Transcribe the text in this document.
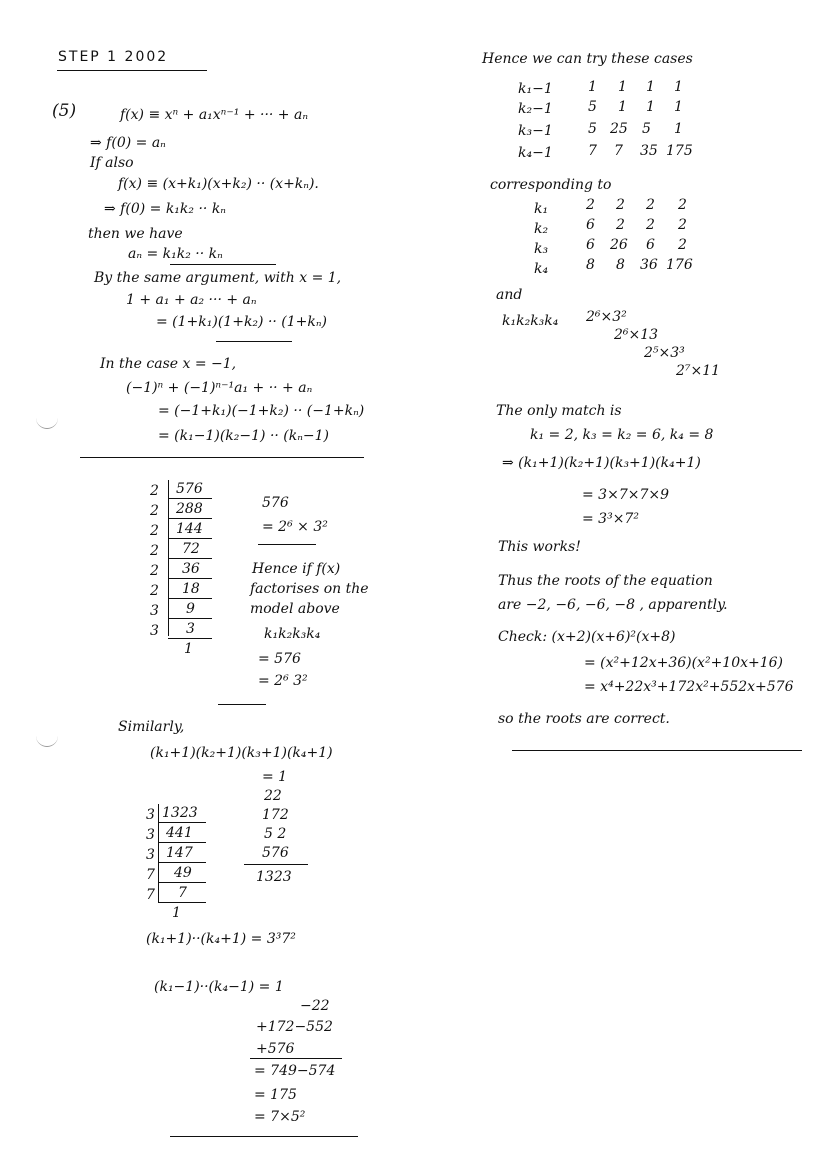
STEP 1 2002
(5)	f(x) ≡ xⁿ + a₁xⁿ⁻¹ + ··· + aₙ
⇒ f(0) = aₙ
If also
f(x) ≡ (x+k₁)(x+k₂) ·· (x+kₙ).
⇒ f(0) = k₁k₂ ·· kₙ
then we have
aₙ = k₁k₂ ·· kₙ
By the same argument, with x = 1,
1 + a₁ + a₂ ··· + aₙ
= (1+k₁)(1+k₂) ·· (1+kₙ)
In the case x = −1,
(−1)ⁿ + (−1)ⁿ⁻¹a₁ + ·· + aₙ
= (−1+k₁)(−1+k₂) ·· (−1+kₙ)
= (k₁−1)(k₂−1) ·· (kₙ−1)
2
2
2
2
2
2
3
3
576
288
144
72
36
18
9
3
1
576
= 2⁶ × 3²
Hence if f(x)
factorises on the
model above
k₁k₂k₃k₄
= 576
= 2⁶ 3²
Similarly,
(k₁+1)(k₂+1)(k₃+1)(k₄+1)
= 1
22
172
5 2
576
1323
3
3
3
7
7
1323
441
147
49
7
1
(k₁+1)··(k₄+1) = 3³7²
(k₁−1)··(k₄−1) = 1
−22
+172−552
+576
= 749−574
= 175
= 7×5²
Hence we can try these cases
k₁−1
k₂−1
k₃−1
k₄−1
1 1 1 1
5 1 1 1
5 25 5 1
7 7 35 175
corresponding to
k₁
k₂
k₃
k₄
2 2 2 2
6 2 2 2
6 26 6 2
8 8 36 176
and
k₁k₂k₃k₄ 2⁶×3²
2⁶×13
2⁵×3³
2⁷×11
The only match is
k₁ = 2, k₃ = k₂ = 6, k₄ = 8
⇒ (k₁+1)(k₂+1)(k₃+1)(k₄+1)
= 3×7×7×9
= 3³×7²
This works!
Thus the roots of the equation
are −2, −6, −6, −8 , apparently.
Check: (x+2)(x+6)²(x+8)
= (x²+12x+36)(x²+10x+16)
= x⁴+22x³+172x²+552x+576
so the roots are correct.
